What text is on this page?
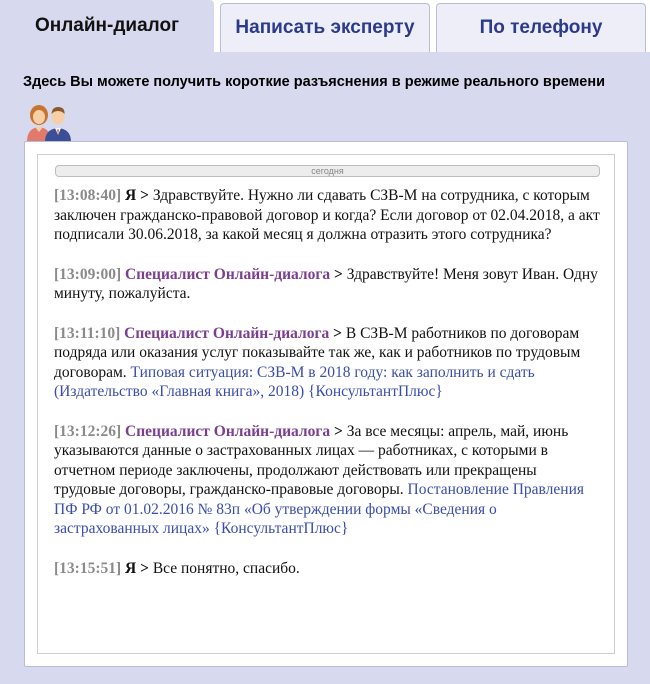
Онлайн-диалог	Написать эксперту	По телефону
Здесь Вы можете получить короткие разъяснения в режиме реального времени
сегодня
[13:08:40] Я > Здравствуйте. Нужно ли сдавать СЗВ-М на сотрудника, с которым заключен гражданско-правовой договор и когда? Если договор от 02.04.2018, а акт подписали 30.06.2018, за какой месяц я должна отразить этого сотрудника?
[13:09:00] Специалист Онлайн-диалога > Здравствуйте! Меня зовут Иван. Одну минуту, пожалуйста.
[13:11:10] Специалист Онлайн-диалога > В СЗВ-М работников по договорам подряда или оказания услуг показывайте так же, как и работников по трудовым договорам. Типовая ситуация: СЗВ-М в 2018 году: как заполнить и сдать (Издательство «Главная книга», 2018) {КонсультантПлюс}
[13:12:26] Специалист Онлайн-диалога > За все месяцы: апрель, май, июнь указываются данные о застрахованных лицах — работниках, с которыми в отчетном периоде заключены, продолжают действовать или прекращены трудовые договоры, гражданско-правовые договоры. Постановление Правления ПФ РФ от 01.02.2016 № 83п «Об утверждении формы «Сведения о застрахованных лицах» {КонсультантПлюс}
[13:15:51] Я > Все понятно, спасибо.
